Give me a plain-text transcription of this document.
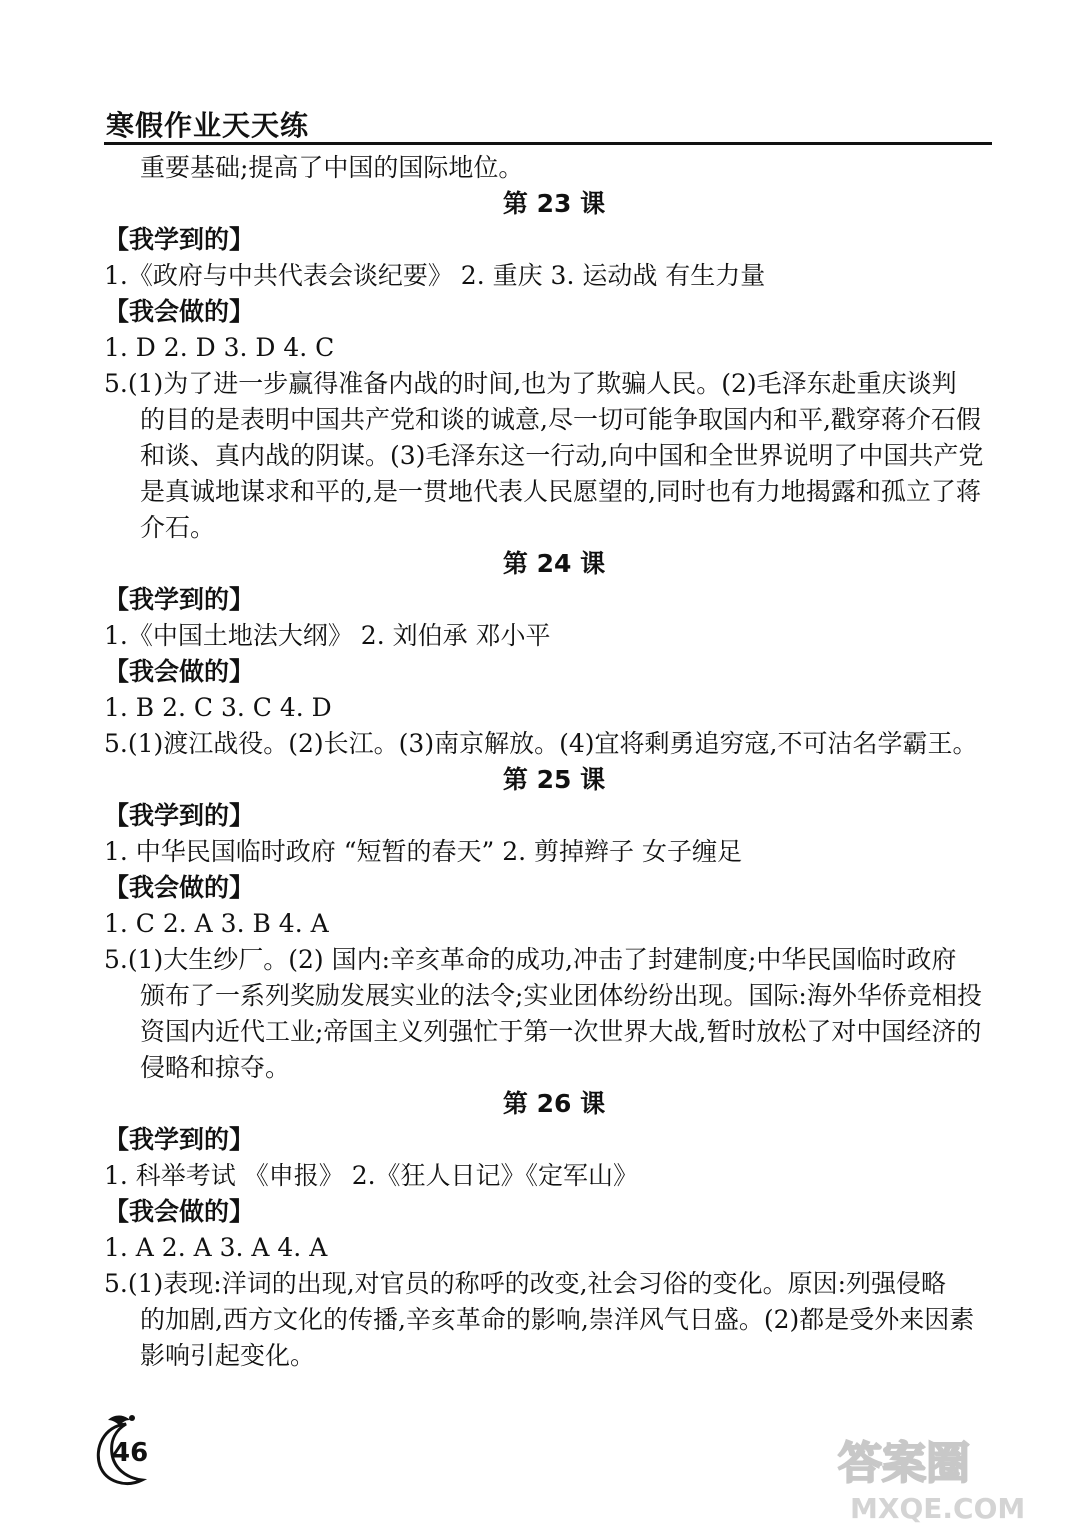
寒假作业天天练
重要基础;提高了中国的国际地位。
第 23 课
【我学到的】
1.《政府与中共代表会谈纪要》 2. 重庆 3. 运动战 有生力量
【我会做的】
1. D 2. D 3. D 4. C
5.(1)为了进一步赢得准备内战的时间,也为了欺骗人民。(2)毛泽东赴重庆谈判
的目的是表明中国共产党和谈的诚意,尽一切可能争取国内和平,戳穿蒋介石假
和谈、真内战的阴谋。(3)毛泽东这一行动,向中国和全世界说明了中国共产党
是真诚地谋求和平的,是一贯地代表人民愿望的,同时也有力地揭露和孤立了蒋
介石。
第 24 课
【我学到的】
1.《中国土地法大纲》 2. 刘伯承 邓小平
【我会做的】
1. B 2. C 3. C 4. D
5.(1)渡江战役。(2)长江。(3)南京解放。(4)宜将剩勇追穷寇,不可沽名学霸王。
第 25 课
【我学到的】
1. 中华民国临时政府 “短暂的春天” 2. 剪掉辫子 女子缠足
【我会做的】
1. C 2. A 3. B 4. A
5.(1)大生纱厂。(2) 国内:辛亥革命的成功,冲击了封建制度;中华民国临时政府
颁布了一系列奖励发展实业的法令;实业团体纷纷出现。国际:海外华侨竞相投
资国内近代工业;帝国主义列强忙于第一次世界大战,暂时放松了对中国经济的
侵略和掠夺。
第 26 课
【我学到的】
1. 科举考试 《申报》 2.《狂人日记》《定军山》
【我会做的】
1. A 2. A 3. A 4. A
5.(1)表现:洋词的出现,对官员的称呼的改变,社会习俗的变化。原因:列强侵略
的加剧,西方文化的传播,辛亥革命的影响,崇洋风气日盛。(2)都是受外来因素
影响引起变化。
46	答案圈
MXQE.COM
